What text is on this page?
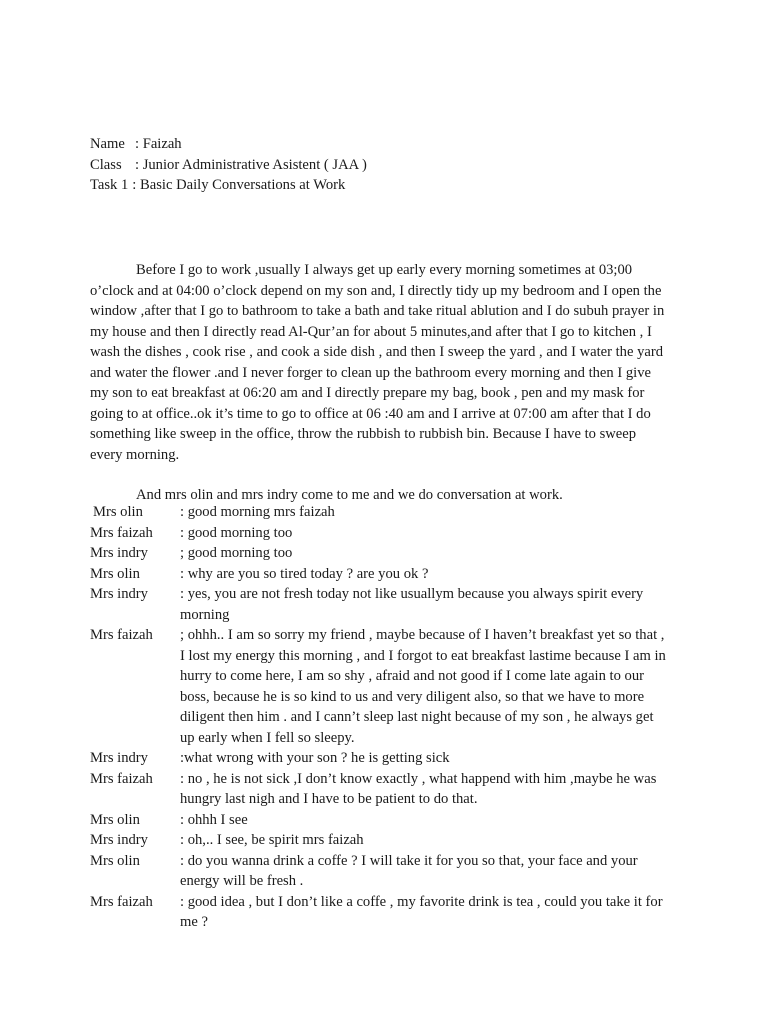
Name : Faizah
Class : Junior Administrative Asistent ( JAA )
Task 1 : Basic Daily Conversations at Work

Before I go to work ,usually I always get up early every morning sometimes at 03;00 o’clock and at 04:00 o’clock depend on my son and, I directly tidy up my bedroom and I open the window ,after that I go to bathroom to take a bath and take ritual ablution and I do subuh prayer in my house and then I directly read Al-Qur’an for about 5 minutes,and after that I go to kitchen , I wash the dishes , cook rise , and cook a side dish , and then I sweep the yard , and I water the yard and water the flower .and I never forger to clean up the bathroom every morning and then I give my son to eat breakfast at 06:20 am and I directly prepare my bag, book , pen and my mask for going to at office..ok it’s time to go to office at 06 :40 am and I arrive at 07:00 am after that I do something like sweep in the office, throw the rubbish to rubbish bin. Because I have to sweep every morning.

And mrs olin and mrs indry come to me and we do conversation at work.

Mrs olin	: good morning mrs faizah
Mrs faizah	: good morning too
Mrs indry	; good morning too
Mrs olin	: why are you so tired today ? are you ok ?
Mrs indry	: yes, you are not fresh today not like usuallym because you always spirit every morning
Mrs faizah	; ohhh.. I am so sorry my friend , maybe because of I haven’t breakfast yet so that , I lost my energy this morning , and I forgot to eat breakfast lastime because I am in hurry to come here, I am so shy , afraid and not good if I come late again to our boss, because he is so kind to us and very diligent also, so that we have to more diligent then him . and I cann’t sleep last night because of my son , he always get up early when I fell so sleepy.
Mrs indry	:what wrong with your son ? he is getting sick
Mrs faizah	: no , he is not sick ,I don’t know exactly , what happend with him ,maybe he was hungry last nigh and I have to be patient to do that.
Mrs olin	: ohhh I see
Mrs indry	: oh,.. I see, be spirit mrs faizah
Mrs olin	: do you wanna drink a coffe ? I will take it for you so that, your face and your energy will be fresh .
Mrs faizah	: good idea , but I don’t like a coffe , my favorite drink is tea , could you take it for me ?
